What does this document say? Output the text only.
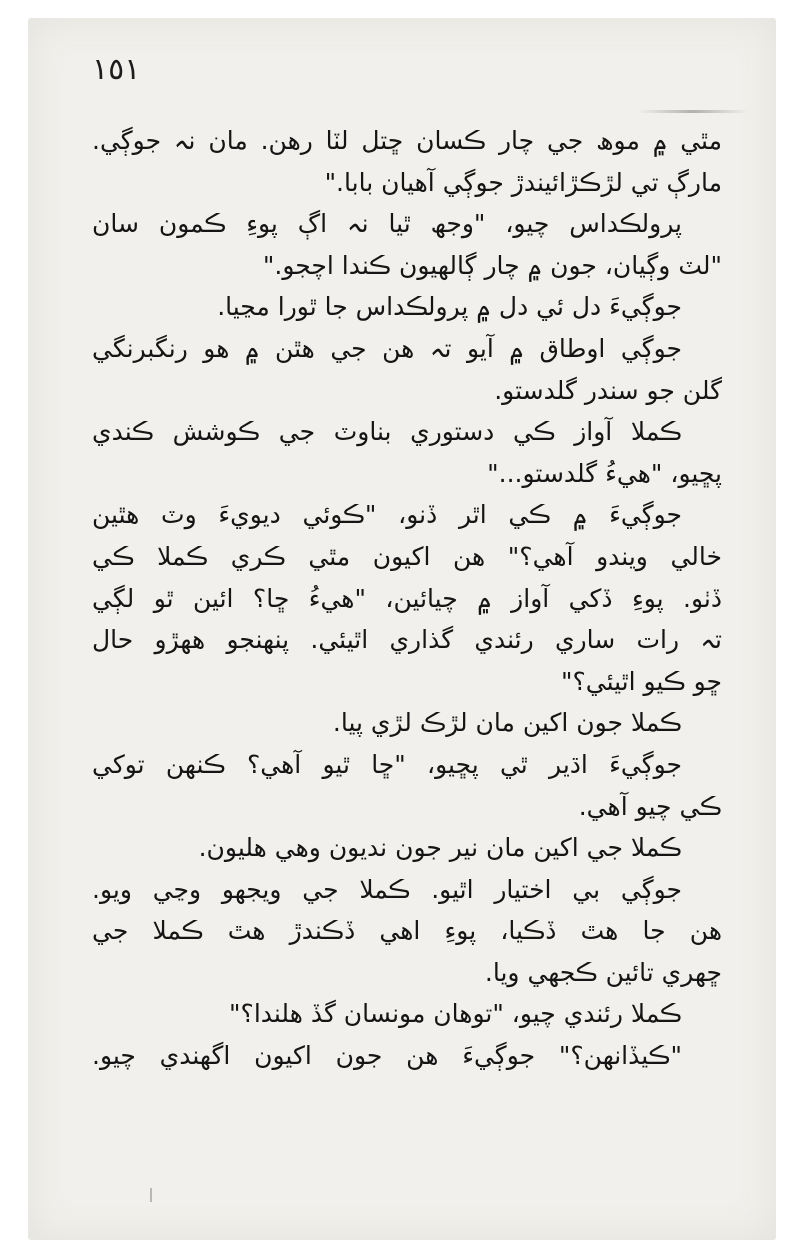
١٥١
مٿي ۾ موھ جي چار ڪسان ڇتل لٽا رھن. مان نہ جوڳي.
مارڳ تي لڙڪڙائيندڙ جوڳي آهيان بابا."
پرولڪداس چيو، "وجھ ٿيا نہ اڳ پوءِ ڪمون سان
"لٽ وڳيان، جون ۾ چار ڳالھيون ڪندا اچجو."
جوڳيءَ دل ئي دل ۾ پرولڪداس جا ٿورا مڃيا.
جوڳي اوطاق ۾ آيو تہ ھن جي ھٿن ۾ ھو رنگبرنگي
گلن جو سندر گلدستو.
ڪملا آواز ڪي دستوري بناوٽ جي ڪوشش ڪندي
پڇيو، "ھيءُ گلدستو..."
جوڳيءَ ۾ ڪي اٿر ڏنو، "ڪوئي ديويءَ وٽ ھٿين
خالي ويندو آھي؟" ھن اکيون مٿي ڪري ڪملا ڪي
ڏٺو. پوءِ ڏکي آواز ۾ چيائين، "ھيءُ ڇا؟ ائين ٿو لڳي
تہ رات ساري رئندي گذاري اٿيئي. پنھنجو ھھڙو حال
ڇو ڪيو اٿيئي؟"
ڪملا جون اکين مان لڙڪ لڙي پيا.
جوڳيءَ اڌير ٿي پڇيو، "ڇا ٿيو آھي؟ ڪنھن توکي
ڪي چيو آھي.
ڪملا جي اکين مان نير جون نديون وھي ھليون.
جوڳي بي اختيار اٿيو. ڪملا جي ويجھو وڃي ويو.
ھن جا ھٿ ڏڪيا، پوءِ اھي ڏڪندڙ ھٿ ڪملا جي
ڇھري تائين ڪجھي ويا.
ڪملا رئندي چيو، "توھان مونسان گڏ ھلندا؟"
"ڪيڏانھن؟" جوڳيءَ ھن جون اکيون اگھندي چيو.
